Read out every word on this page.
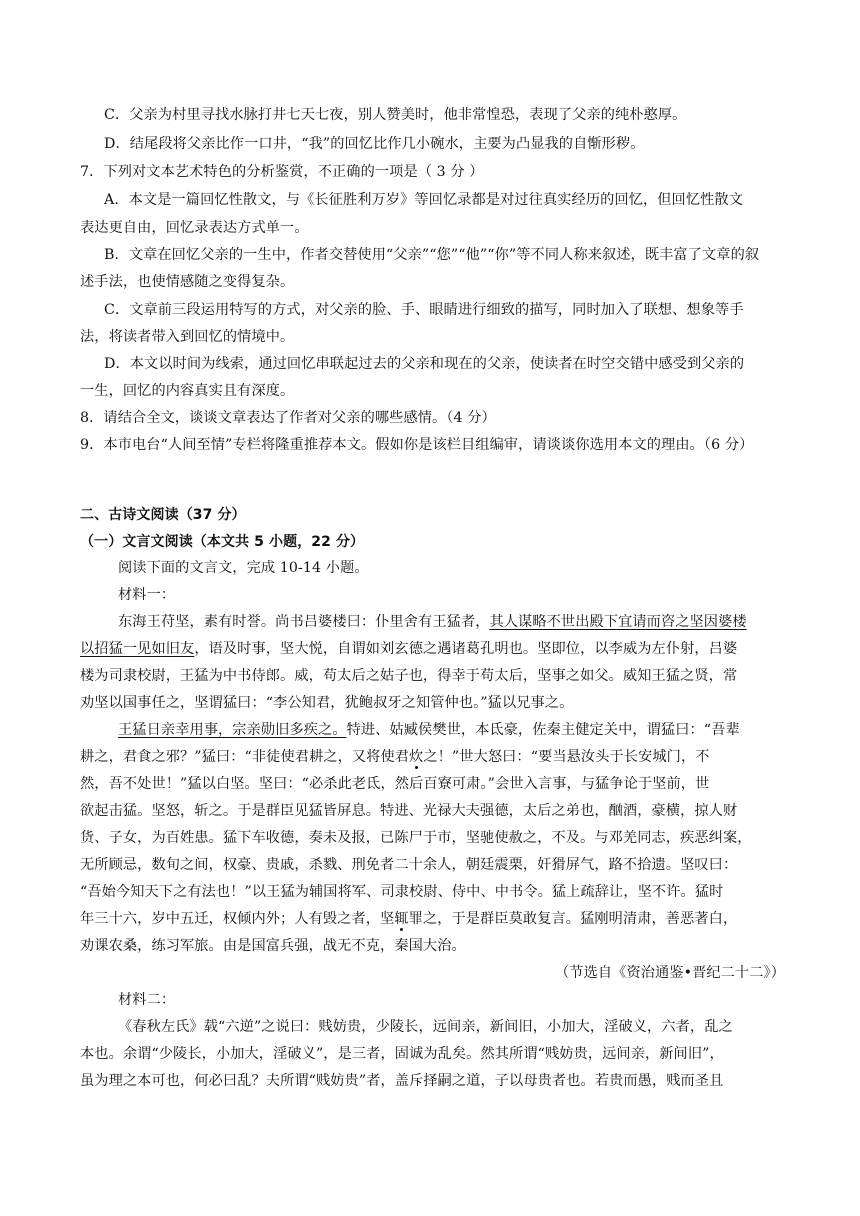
C．父亲为村里寻找水脉打井七天七夜，别人赞美时，他非常惶恐，表现了父亲的纯朴憨厚。
D．结尾段将父亲比作一口井，“我”的回忆比作几小碗水，主要为凸显我的自惭形秽。
7．下列对文本艺术特色的分析鉴赏，不正确的一项是（ 3 分 ）
A．本文是一篇回忆性散文，与《长征胜利万岁》等回忆录都是对过往真实经历的回忆，但回忆性散文
表达更自由，回忆录表达方式单一。
B．文章在回忆父亲的一生中，作者交替使用“父亲”“您”“他”“你”等不同人称来叙述，既丰富了文章的叙
述手法，也使情感随之变得复杂。
C．文章前三段运用特写的方式，对父亲的脸、手、眼睛进行细致的描写，同时加入了联想、想象等手
法，将读者带入到回忆的情境中。
D．本文以时间为线索，通过回忆串联起过去的父亲和现在的父亲，使读者在时空交错中感受到父亲的
一生，回忆的内容真实且有深度。
8．请结合全文，谈谈文章表达了作者对父亲的哪些感情。（4 分）
9．本市电台“人间至情”专栏将隆重推荐本文。假如你是该栏目组编审，请谈谈你选用本文的理由。（6 分）
二、古诗文阅读（37 分）
（一）文言文阅读（本文共 5 小题，22 分）
阅读下面的文言文，完成 10-14 小题。
材料一：
东海王苻坚，素有时誉。尚书吕婆楼曰：仆里舍有王猛者，其人谋略不世出殿下宜请而咨之坚因婆楼
以招猛一见如旧友，语及时事，坚大悦，自谓如刘玄德之遇诸葛孔明也。坚即位，以李威为左仆射，吕婆
楼为司隶校尉，王猛为中书侍郎。威，苟太后之姑子也，得幸于苟太后，坚事之如父。威知王猛之贤，常
劝坚以国事任之，坚谓猛曰：“李公知君，犹鲍叔牙之知管仲也。”猛以兄事之。
王猛日亲幸用事，宗亲勋旧多疾之。特进、姑臧侯樊世，本氐豪，佐秦主健定关中，谓猛曰：“吾辈
耕之，君食之邪？”猛曰：“非徒使君耕之，又将使君炊之！”世大怒曰：“要当悬汝头于长安城门，不
然，吾不处世！”猛以白坚。坚曰：“必杀此老氐，然后百寮可肃。”会世入言事，与猛争论于坚前，世
欲起击猛。坚怒，斩之。于是群臣见猛皆屏息。特进、光禄大夫强德，太后之弟也，酗酒，豪横，掠人财
货、子女，为百姓患。猛下车收德，奏未及报，已陈尸于市，坚驰使赦之，不及。与邓羌同志，疾恶纠案，
无所顾忌，数旬之间，权豪、贵戚，杀戮、刑免者二十余人，朝廷震栗，奸猾屏气，路不拾遗。坚叹曰：
“吾始今知天下之有法也！”以王猛为辅国将军、司隶校尉、侍中、中书令。猛上疏辞让，坚不许。猛时
年三十六，岁中五迁，权倾内外；人有毁之者，坚辄罪之，于是群臣莫敢复言。猛刚明清肃，善恶著白，
劝课农桑，练习军旅。由是国富兵强，战无不克，秦国大治。
（节选自《资治通鉴•晋纪二十二》）
材料二：
《春秋左氏》载“六逆”之说曰：贱妨贵，少陵长，远间亲，新间旧，小加大，淫破义，六者，乱之
本也。余谓“少陵长，小加大，淫破义”，是三者，固诚为乱矣。然其所谓“贱妨贵，远间亲，新间旧”，
虽为理之本可也，何必曰乱？夫所谓“贱妨贵”者，盖斥择嗣之道，子以母贵者也。若贵而愚，贱而圣且
